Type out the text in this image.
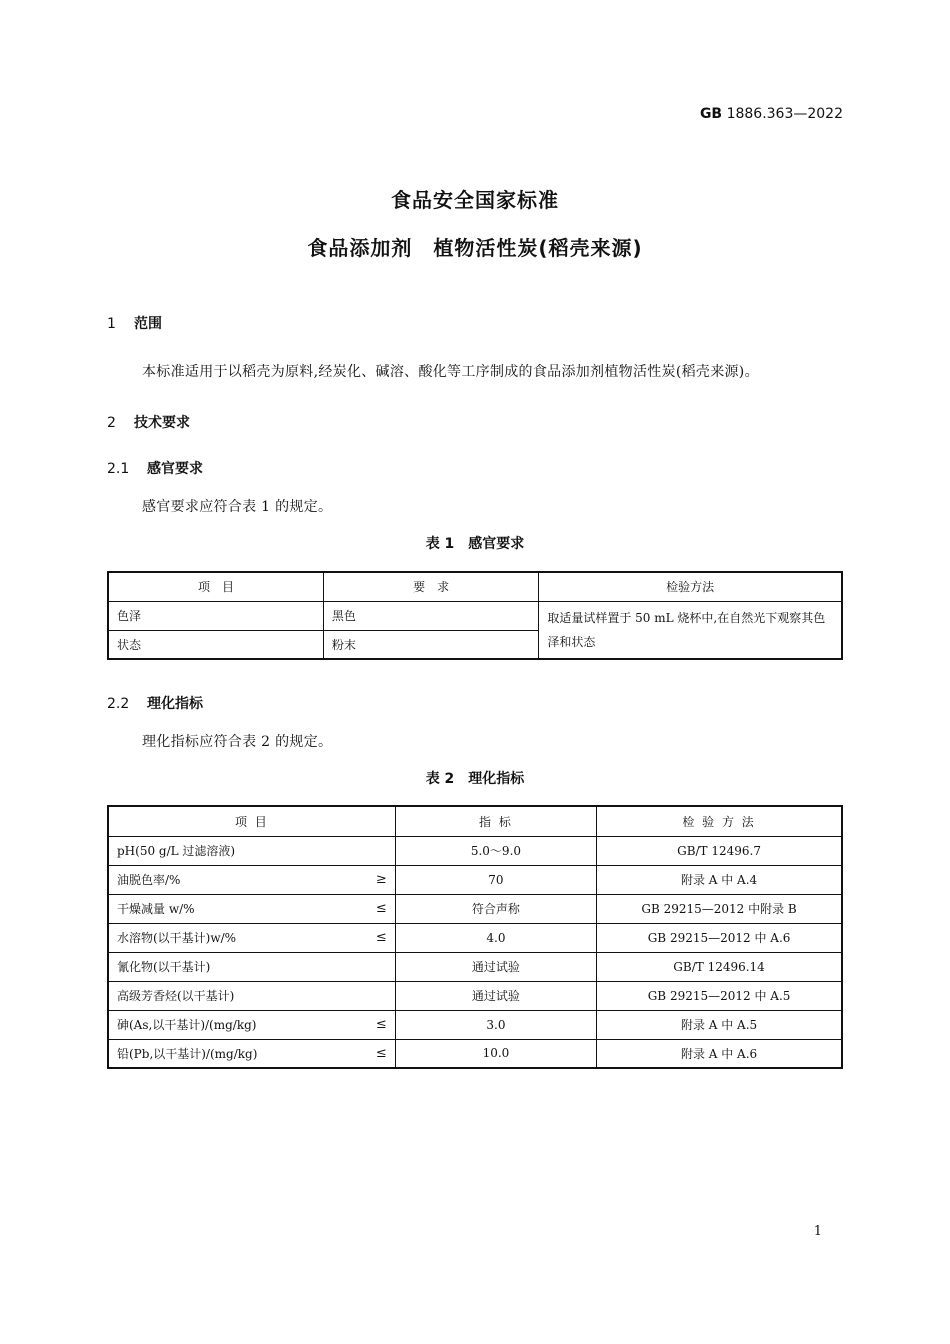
GB 1886.363—2022
食品安全国家标准
食品添加剂　植物活性炭(稻壳来源)
1 范围
本标准适用于以稻壳为原料,经炭化、碱溶、酸化等工序制成的食品添加剂植物活性炭(稻壳来源)。
2 技术要求
2.1 感官要求
感官要求应符合表 1 的规定。
表 1　感官要求
项　目	要　求	检验方法
色泽	黑色	取适量试样置于 50 mL 烧杯中,在自然光下观察其色泽和状态
状态	粉末	
2.2 理化指标
理化指标应符合表 2 的规定。
表 2　理化指标
项 目	指 标	检 验 方 法
pH(50 g/L 过滤溶液)	5.0～9.0	GB/T 12496.7
油脱色率/% ≥	70	附录 A 中 A.4
干燥减量 w/% ≤	符合声称	GB 29215—2012 中附录 B
水溶物(以干基计)w/% ≤	4.0	GB 29215—2012 中 A.6
氰化物(以干基计)	通过试验	GB/T 12496.14
高级芳香烃(以干基计)	通过试验	GB 29215—2012 中 A.5
砷(As,以干基计)/(mg/kg) ≤	3.0	附录 A 中 A.5
铅(Pb,以干基计)/(mg/kg) ≤	10.0	附录 A 中 A.6
1
